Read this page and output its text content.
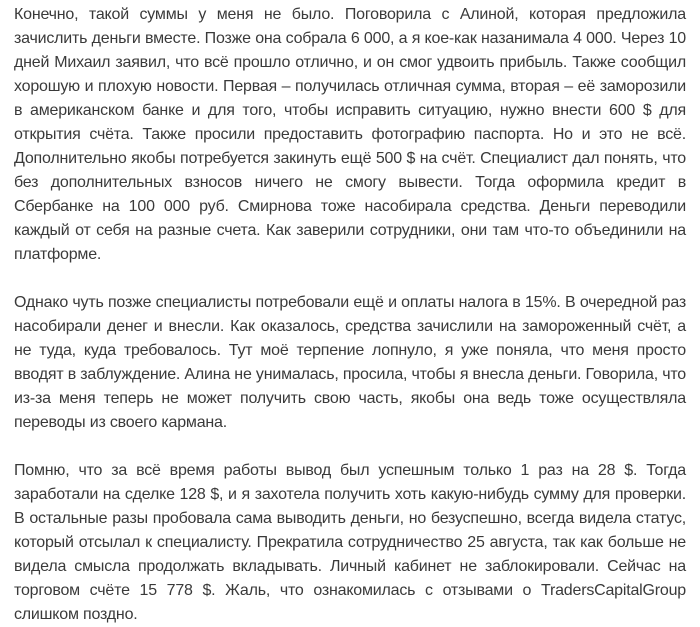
Конечно, такой суммы у меня не было. Поговорила с Алиной, которая предложила зачислить деньги вместе. Позже она собрала 6 000, а я кое-как назанимала 4 000. Через 10 дней Михаил заявил, что всё прошло отлично, и он смог удвоить прибыль. Также сообщил хорошую и плохую новости. Первая – получилась отличная сумма, вторая – её заморозили в американском банке и для того, чтобы исправить ситуацию, нужно внести 600 $ для открытия счёта. Также просили предоставить фотографию паспорта. Но и это не всё. Дополнительно якобы потребуется закинуть ещё 500 $ на счёт. Специалист дал понять, что без дополнительных взносов ничего не смогу вывести. Тогда оформила кредит в Сбербанке на 100 000 руб. Смирнова тоже насобирала средства. Деньги переводили каждый от себя на разные счета. Как заверили сотрудники, они там что-то объединили на платформе.

Однако чуть позже специалисты потребовали ещё и оплаты налога в 15%. В очередной раз насобирали денег и внесли. Как оказалось, средства зачислили на замороженный счёт, а не туда, куда требовалось. Тут моё терпение лопнуло, я уже поняла, что меня просто вводят в заблуждение. Алина не унималась, просила, чтобы я внесла деньги. Говорила, что из-за меня теперь не может получить свою часть, якобы она ведь тоже осуществляла переводы из своего кармана.

Помню, что за всё время работы вывод был успешным только 1 раз на 28 $. Тогда заработали на сделке 128 $, и я захотела получить хоть какую-нибудь сумму для проверки. В остальные разы пробовала сама выводить деньги, но безуспешно, всегда видела статус, который отсылал к специалисту. Прекратила сотрудничество 25 августа, так как больше не видела смысла продолжать вкладывать. Личный кабинет не заблокировали. Сейчас на торговом счёте 15 778 $. Жаль, что ознакомилась с отзывами о TradersCapitalGroup слишком поздно.
